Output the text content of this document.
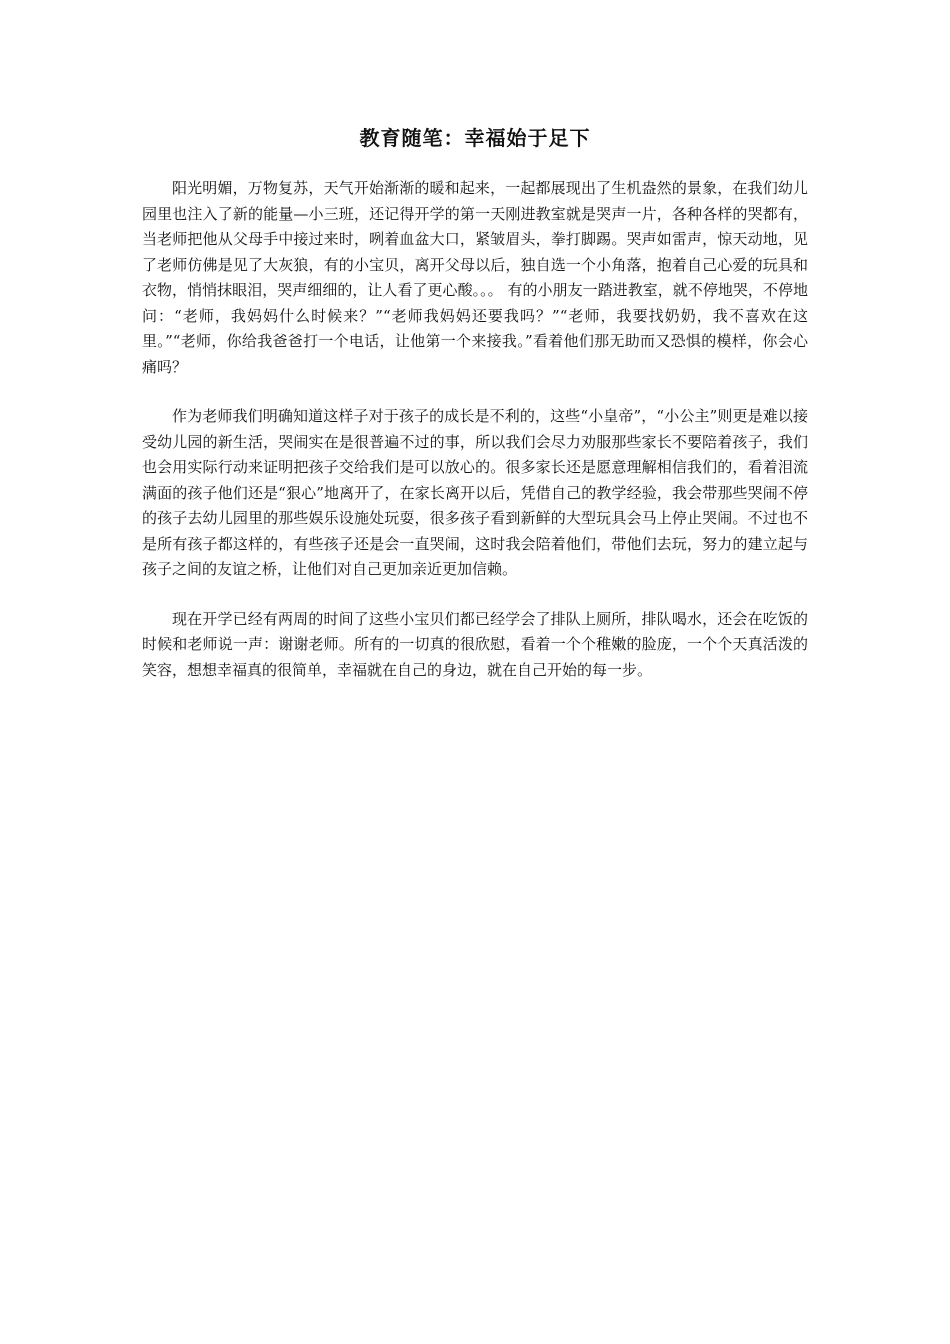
教育随笔：幸福始于足下

阳光明媚，万物复苏，天气开始渐渐的暖和起来，一起都展现出了生机盎然的景象，在我们幼儿园里也注入了新的能量—小三班，还记得开学的第一天刚进教室就是哭声一片，各种各样的哭都有，当老师把他从父母手中接过来时，咧着血盆大口，紧皱眉头，拳打脚踢。哭声如雷声，惊天动地，见了老师仿佛是见了大灰狼，有的小宝贝，离开父母以后，独自选一个小角落，抱着自己心爱的玩具和衣物，悄悄抹眼泪，哭声细细的，让人看了更心酸。。。 有的小朋友一踏进教室，就不停地哭，不停地问：“老师，我妈妈什么时候来？”“老师我妈妈还要我吗？”“老师，我要找奶奶，我不喜欢在这里。”“老师，你给我爸爸打一个电话，让他第一个来接我。”看着他们那无助而又恐惧的模样，你会心痛吗？

作为老师我们明确知道这样子对于孩子的成长是不利的，这些“小皇帝”，“小公主”则更是难以接受幼儿园的新生活，哭闹实在是很普遍不过的事，所以我们会尽力劝服那些家长不要陪着孩子，我们也会用实际行动来证明把孩子交给我们是可以放心的。很多家长还是愿意理解相信我们的，看着泪流满面的孩子他们还是“狠心”地离开了，在家长离开以后，凭借自己的教学经验，我会带那些哭闹不停的孩子去幼儿园里的那些娱乐设施处玩耍，很多孩子看到新鲜的大型玩具会马上停止哭闹。不过也不是所有孩子都这样的，有些孩子还是会一直哭闹，这时我会陪着他们，带他们去玩，努力的建立起与孩子之间的友谊之桥，让他们对自己更加亲近更加信赖。

现在开学已经有两周的时间了这些小宝贝们都已经学会了排队上厕所，排队喝水，还会在吃饭的时候和老师说一声：谢谢老师。所有的一切真的很欣慰，看着一个个稚嫩的脸庞，一个个天真活泼的笑容，想想幸福真的很简单，幸福就在自己的身边，就在自己开始的每一步。
